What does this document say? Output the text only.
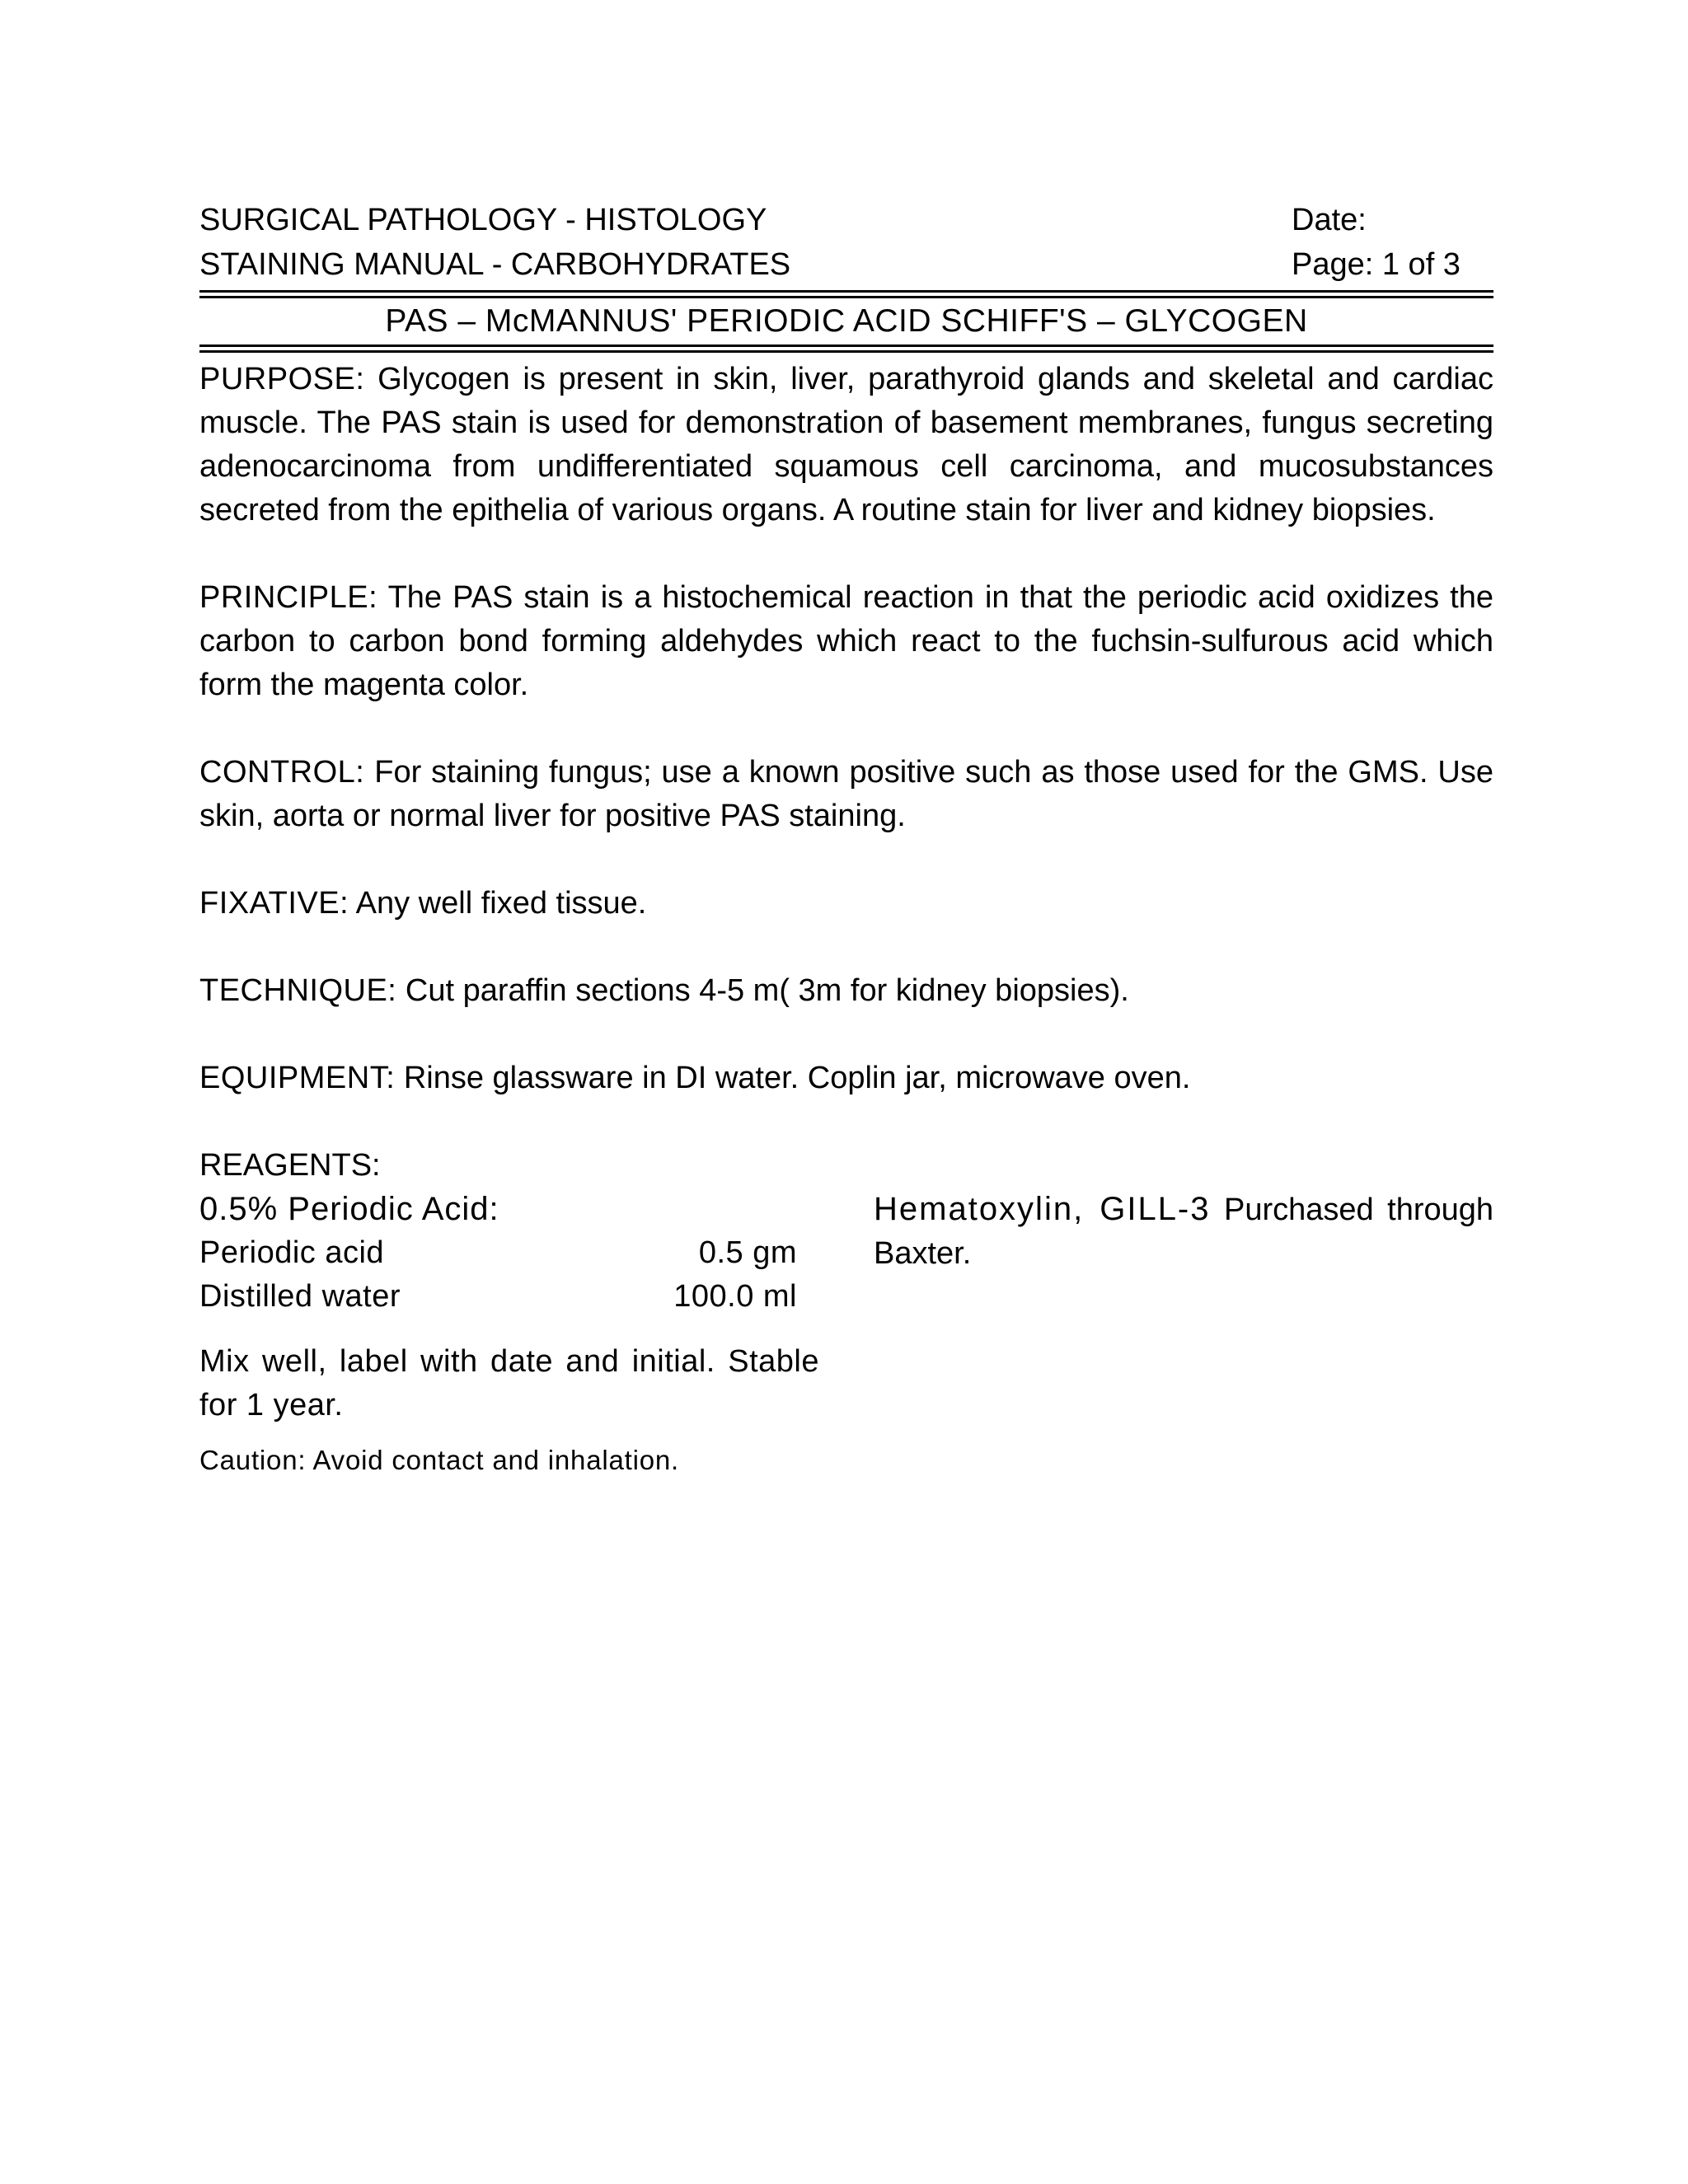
SURGICAL PATHOLOGY - HISTOLOGY	Date:
STAINING MANUAL - CARBOHYDRATES	Page: 1 of 3
PAS – McMANNUS' PERIODIC ACID SCHIFF'S – GLYCOGEN

PURPOSE: Glycogen is present in skin, liver, parathyroid glands and skeletal and cardiac muscle. The PAS stain is used for demonstration of basement membranes, fungus secreting adenocarcinoma from undifferentiated squamous cell carcinoma, and mucosubstances secreted from the epithelia of various organs. A routine stain for liver and kidney biopsies.

PRINCIPLE: The PAS stain is a histochemical reaction in that the periodic acid oxidizes the carbon to carbon bond forming aldehydes which react to the fuchsin-sulfurous acid which form the magenta color.

CONTROL: For staining fungus; use a known positive such as those used for the GMS. Use skin, aorta or normal liver for positive PAS staining.

FIXATIVE: Any well fixed tissue.

TECHNIQUE: Cut paraffin sections 4-5 m( 3m for kidney biopsies).

EQUIPMENT: Rinse glassware in DI water. Coplin jar, microwave oven.

REAGENTS:

0.5% Periodic Acid:
Periodic acid	0.5 gm
Distilled water	100.0 ml
Mix well, label with date and initial. Stable for 1 year.
Caution: Avoid contact and inhalation.
Hematoxylin, GILL-3 Purchased through Baxter.
